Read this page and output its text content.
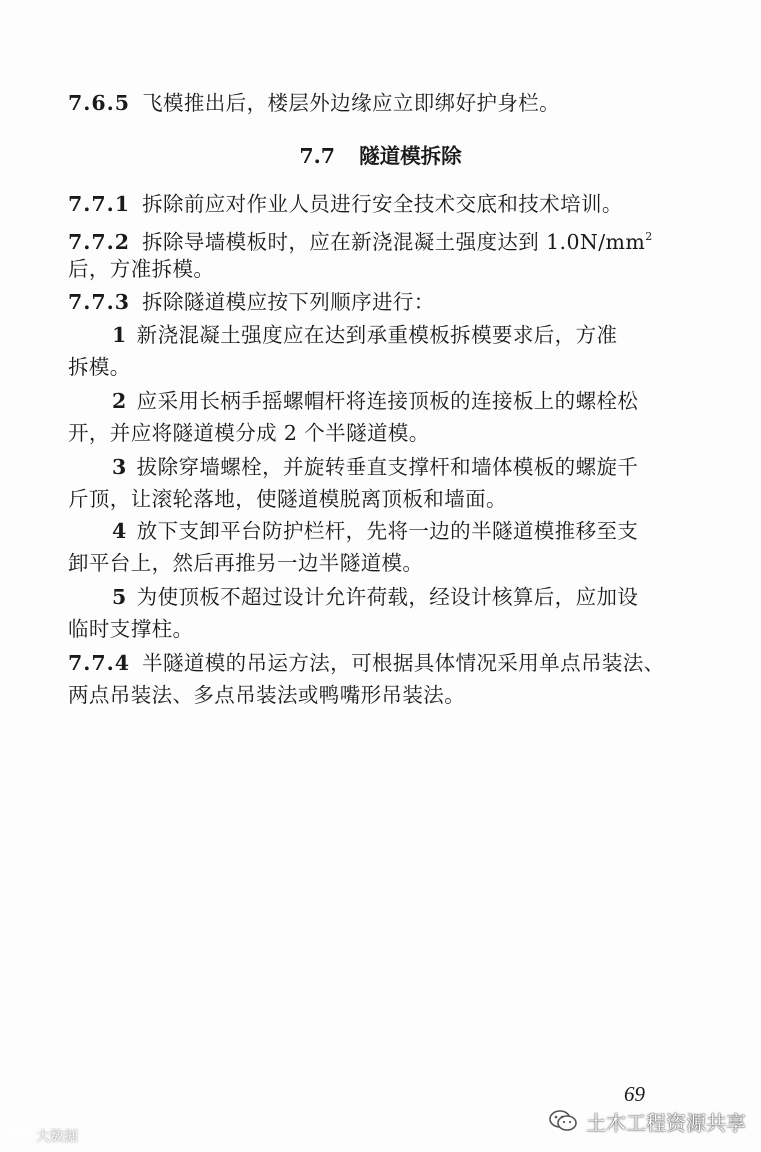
7.6.5 飞模推出后，楼层外边缘应立即绑好护身栏。
7.7 隧道模拆除
7.7.1 拆除前应对作业人员进行安全技术交底和技术培训。
7.7.2 拆除导墙模板时，应在新浇混凝土强度达到 $1.0N/mm^2$
后，方准拆模。
7.7.3 拆除隧道模应按下列顺序进行：
1 新浇混凝土强度应在达到承重模板拆模要求后，方准
拆模。
2 应采用长柄手摇螺帽杆将连接顶板的连接板上的螺栓松
开，并应将隧道模分成 2 个半隧道模。
3 拔除穿墙螺栓，并旋转垂直支撑杆和墙体模板的螺旋千
斤顶，让滚轮落地，使隧道模脱离顶板和墙面。
4 放下支卸平台防护栏杆，先将一边的半隧道模推移至支
卸平台上，然后再推另一边半隧道模。
5 为使顶板不超过设计允许荷载，经设计核算后，应加设
临时支撑柱。
7.7.4 半隧道模的吊运方法，可根据具体情况采用单点吊装法、
两点吊装法、多点吊装法或鸭嘴形吊装法。
69
土木工程资源共享
大数据
